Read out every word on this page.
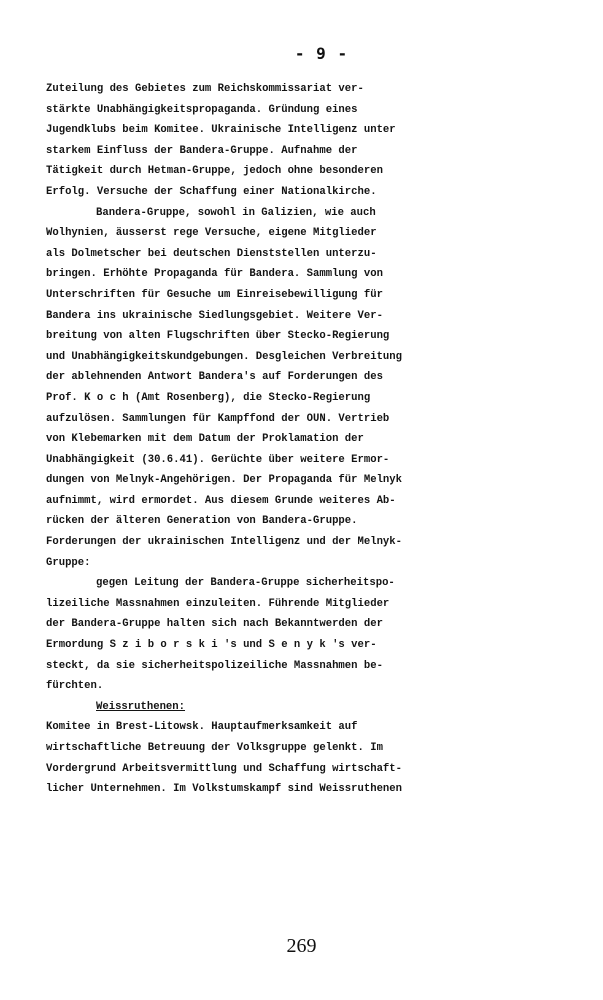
- 9 -
Zuteilung des Gebietes zum Reichskommissariat ver-
stärkte Unabhängigkeitspropaganda. Gründung eines
Jugendklubs beim Komitee. Ukrainische Intelligenz unter
starkem Einfluss der Bandera-Gruppe. Aufnahme der
Tätigkeit durch Hetman-Gruppe, jedoch ohne besonderen
Erfolg. Versuche der Schaffung einer Nationalkirche.
Bandera-Gruppe, sowohl in Galizien, wie auch
Wolhynien, äusserst rege Versuche, eigene Mitglieder
als Dolmetscher bei deutschen Dienststellen unterzu-
bringen. Erhöhte Propaganda für Bandera. Sammlung von
Unterschriften für Gesuche um Einreisebewilligung für
Bandera ins ukrainische Siedlungsgebiet. Weitere Ver-
breitung von alten Flugschriften über Stecko-Regierung
und Unabhängigkeitskundgebungen. Desgleichen Verbreitung
der ablehnenden Antwort Bandera's auf Forderungen des
Prof. K o c h (Amt Rosenberg), die Stecko-Regierung
aufzulösen. Sammlungen für Kampffond der OUN. Vertrieb
von Klebemarken mit dem Datum der Proklamation der
Unabhängigkeit (30.6.41). Gerüchte über weitere Ermor-
dungen von Melnyk-Angehörigen. Der Propaganda für Melnyk
aufnimmt, wird ermordet. Aus diesem Grunde weiteres Ab-
rücken der älteren Generation von Bandera-Gruppe.
Forderungen der ukrainischen Intelligenz und der Melnyk-
Gruppe:
gegen Leitung der Bandera-Gruppe sicherheitspo-
lizeiliche Massnahmen einzuleiten. Führende Mitglieder
der Bandera-Gruppe halten sich nach Bekanntwerden der
Ermordung S z i b o r s k i 's und S e n y k 's ver-
steckt, da sie sicherheitspolizeiliche Massnahmen be-
fürchten.
Weissruthenen:
Komitee in Brest-Litowsk. Hauptaufmerksamkeit auf
wirtschaftliche Betreuung der Volksgruppe gelenkt. Im
Vordergrund Arbeitsvermittlung und Schaffung wirtschaft-
licher Unternehmen. Im Volkstumskampf sind Weissruthenen
269
